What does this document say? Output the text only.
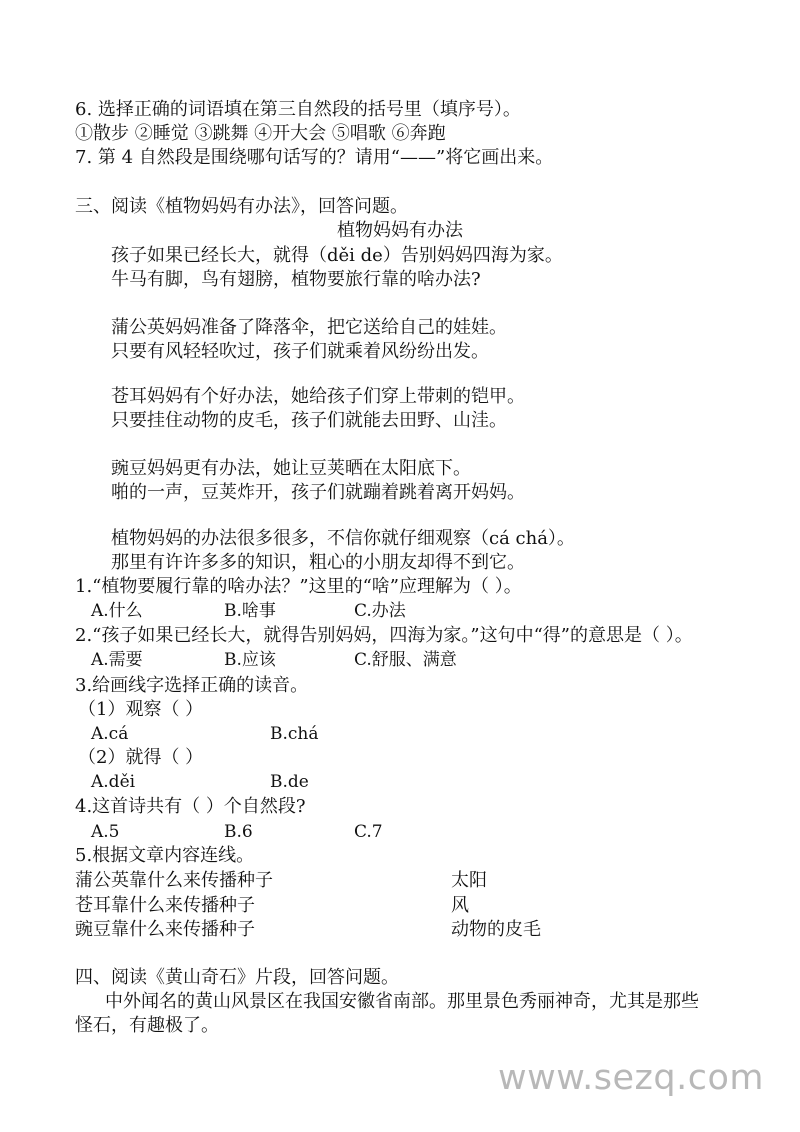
6. 选择正确的词语填在第三自然段的括号里（填序号）。
①散步 ②睡觉 ③跳舞 ④开大会 ⑤唱歌 ⑥奔跑
7. 第 4 自然段是围绕哪句话写的？请用“——”将它画出来。
三、阅读《植物妈妈有办法》，回答问题。
植物妈妈有办法
孩子如果已经长大，就得（děi de）告别妈妈四海为家。
牛马有脚，鸟有翅膀，植物要旅行靠的啥办法?
蒲公英妈妈准备了降落伞，把它送给自己的娃娃。
只要有风轻轻吹过，孩子们就乘着风纷纷出发。
苍耳妈妈有个好办法，她给孩子们穿上带刺的铠甲。
只要挂住动物的皮毛，孩子们就能去田野、山洼。
豌豆妈妈更有办法，她让豆荚晒在太阳底下。
啪的一声，豆荚炸开，孩子们就蹦着跳着离开妈妈。
植物妈妈的办法很多很多，不信你就仔细观察（cá chá）。
那里有许许多多的知识，粗心的小朋友却得不到它。
1.“植物要履行靠的啥办法？”这里的“啥”应理解为（ ）。
A.什么	B.啥事	C.办法
2.“孩子如果已经长大，就得告别妈妈，四海为家。”这句中“得”的意思是（ ）。
A.需要	B.应该	C.舒服、满意
3.给画线字选择正确的读音。
（1）观察（ ）
A.cá	B.chá
（2）就得（ ）
A.děi	B.de
4.这首诗共有（ ）个自然段?
A.5	B.6	C.7
5.根据文章内容连线。
蒲公英靠什么来传播种子	太阳
苍耳靠什么来传播种子	风
豌豆靠什么来传播种子	动物的皮毛
四、阅读《黄山奇石》片段，回答问题。
中外闻名的黄山风景区在我国安徽省南部。那里景色秀丽神奇，尤其是那些
怪石，有趣极了。
www.sezq.com
